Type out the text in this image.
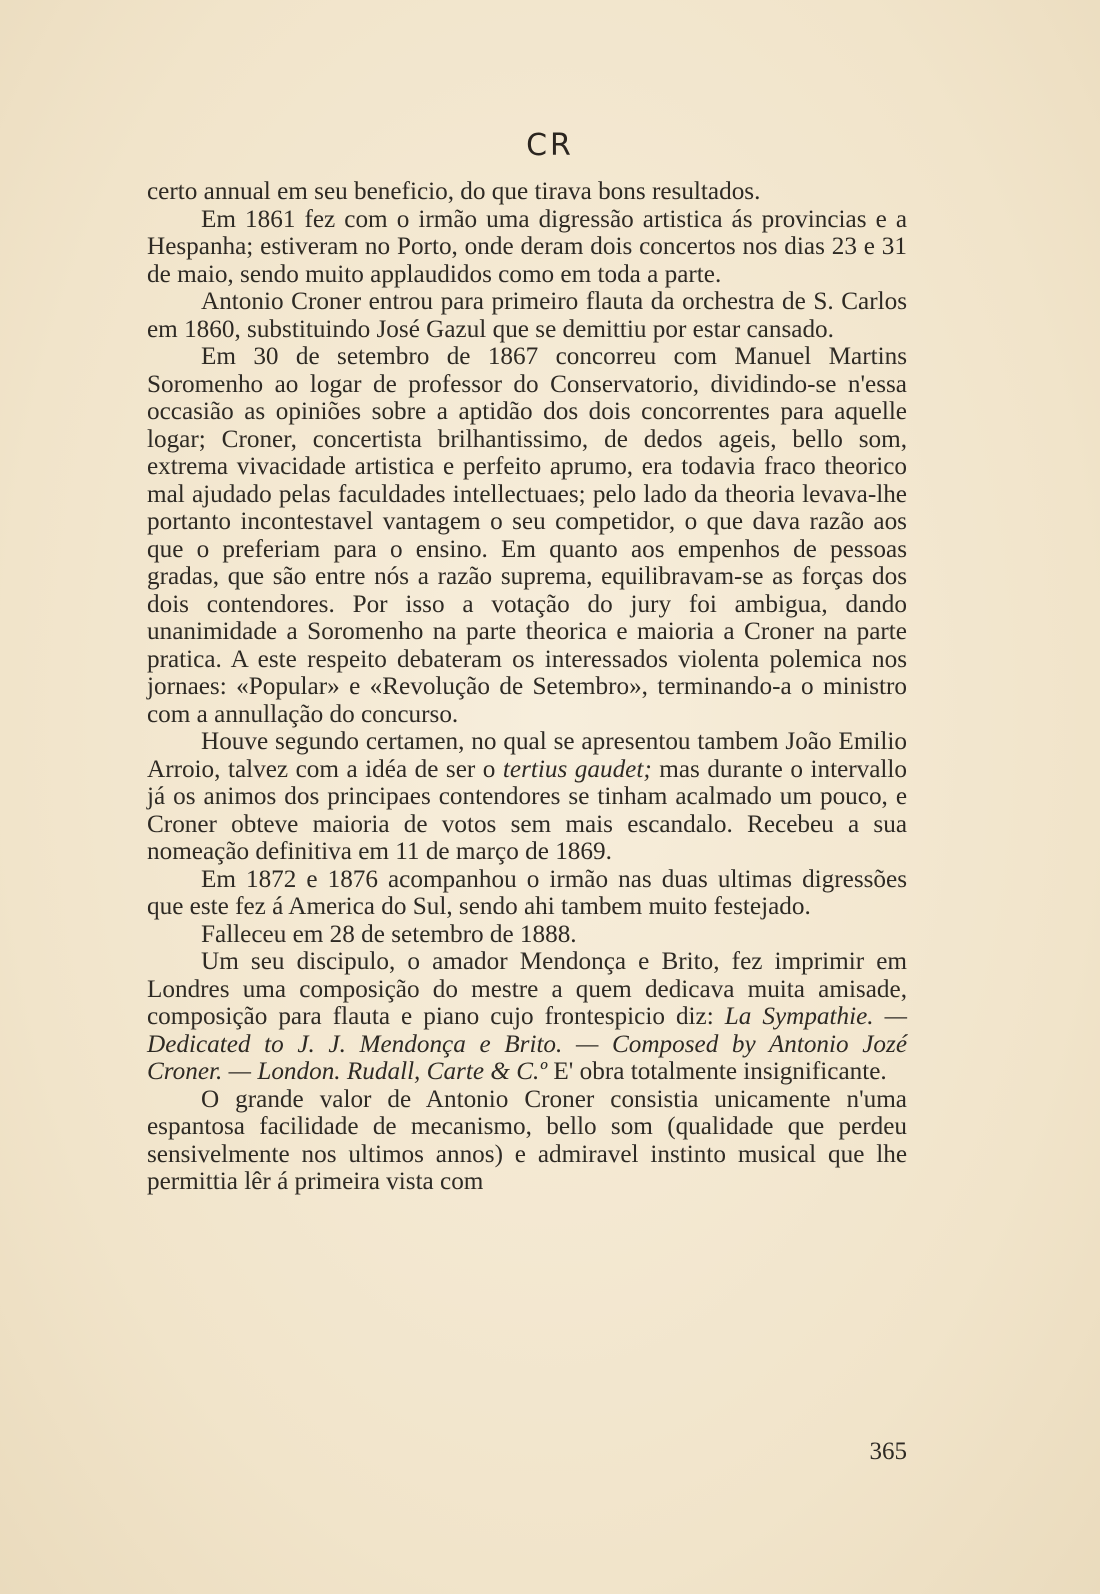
CR

certo annual em seu beneficio, do que tirava bons resultados.

Em 1861 fez com o irmão uma digressão artistica ás provincias e a Hespanha; estiveram no Porto, onde deram dois concertos nos dias 23 e 31 de maio, sendo muito applaudidos como em toda a parte.

Antonio Croner entrou para primeiro flauta da orchestra de S. Carlos em 1860, substituindo José Gazul que se demittiu por estar cansado.

Em 30 de setembro de 1867 concorreu com Manuel Martins Soromenho ao logar de professor do Conservatorio, dividindo-se n'essa occasião as opiniões sobre a aptidão dos dois concorrentes para aquelle logar; Croner, concertista brilhantissimo, de dedos ageis, bello som, extrema vivacidade artistica e perfeito aprumo, era todavia fraco theorico mal ajudado pelas faculdades intellectuaes; pelo lado da theoria levava-lhe portanto incontestavel vantagem o seu competidor, o que dava razão aos que o preferiam para o ensino. Em quanto aos empenhos de pessoas gradas, que são entre nós a razão suprema, equilibravam-se as forças dos dois contendores. Por isso a votação do jury foi ambigua, dando unanimidade a Soromenho na parte theorica e maioria a Croner na parte pratica. A este respeito debateram os interessados violenta polemica nos jornaes: «Popular» e «Revolução de Setembro», terminando-a o ministro com a annullação do concurso.

Houve segundo certamen, no qual se apresentou tambem João Emilio Arroio, talvez com a idéa de ser o tertius gaudet; mas durante o intervallo já os animos dos principaes contendores se tinham acalmado um pouco, e Croner obteve maioria de votos sem mais escandalo. Recebeu a sua nomeação definitiva em 11 de março de 1869.

Em 1872 e 1876 acompanhou o irmão nas duas ultimas digressões que este fez á America do Sul, sendo ahi tambem muito festejado.

Falleceu em 28 de setembro de 1888.

Um seu discipulo, o amador Mendonça e Brito, fez imprimir em Londres uma composição do mestre a quem dedicava muita amisade, composição para flauta e piano cujo frontespicio diz: La Sympathie. — Dedicated to J. J. Mendonça e Brito. — Composed by Antonio Jozé Croner. — London. Rudall, Carte & C.º E' obra totalmente insignificante.

O grande valor de Antonio Croner consistia unicamente n'uma espantosa facilidade de mecanismo, bello som (qualidade que perdeu sensivelmente nos ultimos annos) e admiravel instinto musical que lhe permittia lêr á primeira vista com

365
